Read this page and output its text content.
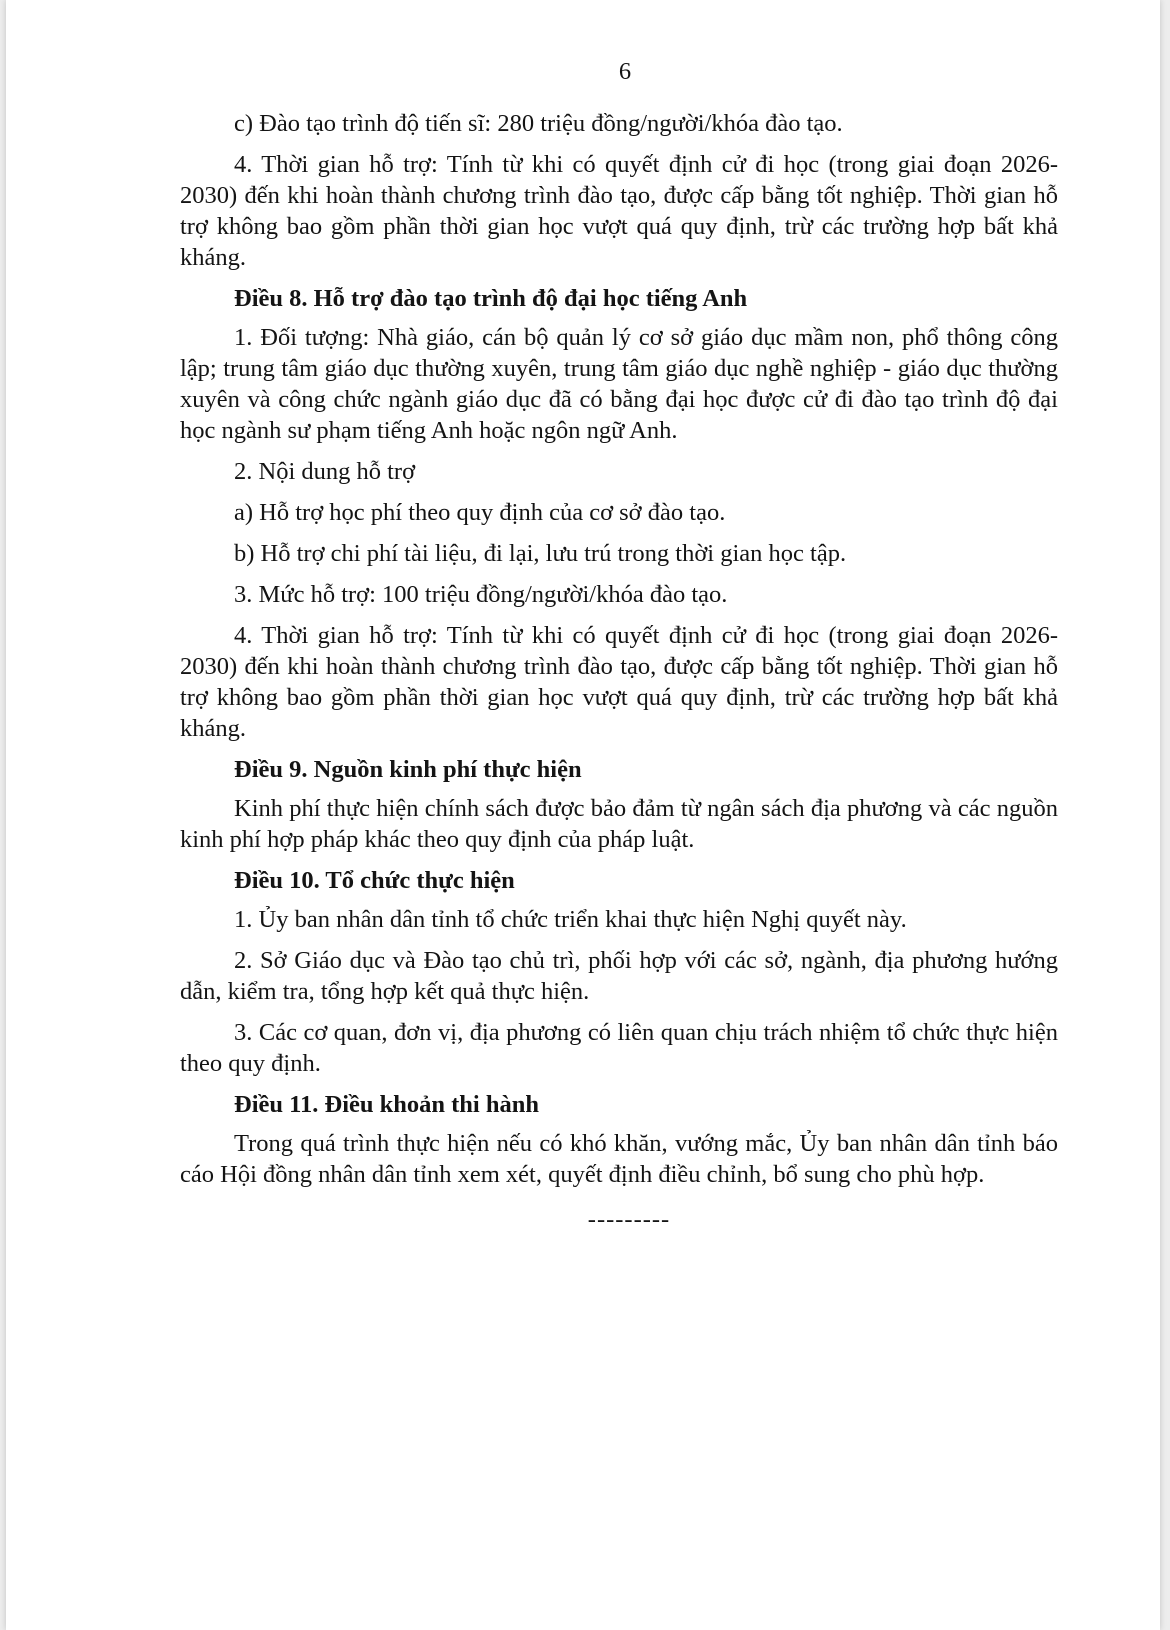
6
c) Đào tạo trình độ tiến sĩ: 280 triệu đồng/người/khóa đào tạo.
4. Thời gian hỗ trợ: Tính từ khi có quyết định cử đi học (trong giai đoạn 2026-2030) đến khi hoàn thành chương trình đào tạo, được cấp bằng tốt nghiệp. Thời gian hỗ trợ không bao gồm phần thời gian học vượt quá quy định, trừ các trường hợp bất khả kháng.
Điều 8. Hỗ trợ đào tạo trình độ đại học tiếng Anh
1. Đối tượng: Nhà giáo, cán bộ quản lý cơ sở giáo dục mầm non, phổ thông công lập; trung tâm giáo dục thường xuyên, trung tâm giáo dục nghề nghiệp - giáo dục thường xuyên và công chức ngành giáo dục đã có bằng đại học được cử đi đào tạo trình độ đại học ngành sư phạm tiếng Anh hoặc ngôn ngữ Anh.
2. Nội dung hỗ trợ
a) Hỗ trợ học phí theo quy định của cơ sở đào tạo.
b) Hỗ trợ chi phí tài liệu, đi lại, lưu trú trong thời gian học tập.
3. Mức hỗ trợ: 100 triệu đồng/người/khóa đào tạo.
4. Thời gian hỗ trợ: Tính từ khi có quyết định cử đi học (trong giai đoạn 2026-2030) đến khi hoàn thành chương trình đào tạo, được cấp bằng tốt nghiệp. Thời gian hỗ trợ không bao gồm phần thời gian học vượt quá quy định, trừ các trường hợp bất khả kháng.
Điều 9. Nguồn kinh phí thực hiện
Kinh phí thực hiện chính sách được bảo đảm từ ngân sách địa phương và các nguồn kinh phí hợp pháp khác theo quy định của pháp luật.
Điều 10. Tổ chức thực hiện
1. Ủy ban nhân dân tỉnh tổ chức triển khai thực hiện Nghị quyết này.
2. Sở Giáo dục và Đào tạo chủ trì, phối hợp với các sở, ngành, địa phương hướng dẫn, kiểm tra, tổng hợp kết quả thực hiện.
3. Các cơ quan, đơn vị, địa phương có liên quan chịu trách nhiệm tổ chức thực hiện theo quy định.
Điều 11. Điều khoản thi hành
Trong quá trình thực hiện nếu có khó khăn, vướng mắc, Ủy ban nhân dân tỉnh báo cáo Hội đồng nhân dân tỉnh xem xét, quyết định điều chỉnh, bổ sung cho phù hợp.
---------
